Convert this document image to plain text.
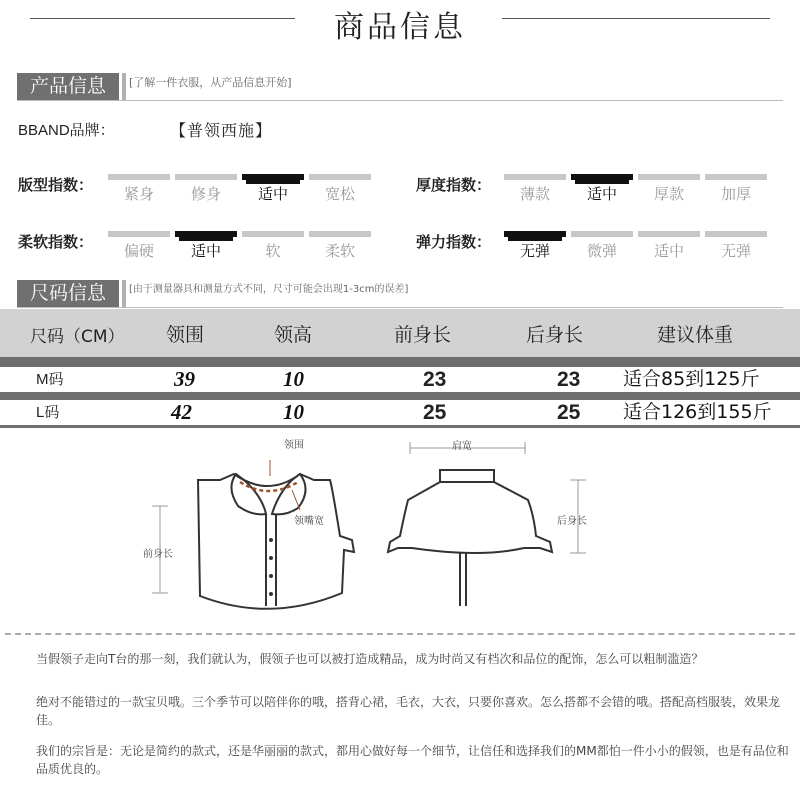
商品信息
产品信息	[了解一件衣服，从产品信息开始]
BBAND品牌：	【普领西施】
版型指数：	紧身	修身	适中	宽松	厚度指数：	薄款	适中	厚款	加厚
柔软指数：	偏硬	适中	软	柔软	弹力指数：	无弹	微弹	适中	无弹
尺码信息	[由于测量器具和测量方式不同，尺寸可能会出现1-3cm的误差]
尺码（CM） 领围	领高	前身长	后身长	建议体重
M码	39	10	23	23 适合85到125斤
L码	42	10	25	25 适合126到155斤
领围
领嘴宽
前身长
肩宽
后身长
当假领子走向T台的那一刻，我们就认为，假领子也可以被打造成精品，成为时尚又有档次和品位的配饰，怎么可以粗制滥造？
绝对不能错过的一款宝贝哦。三个季节可以陪伴你的哦，搭背心裙，毛衣，大衣，只要你喜欢。怎么搭都不会错的哦。搭配高档服装，效果龙佳。
我们的宗旨是：无论是简约的款式，还是华丽丽的款式，都用心做好每一个细节，让信任和选择我们的MM都怕一件小小的假领，也是有品位和品质优良的。
